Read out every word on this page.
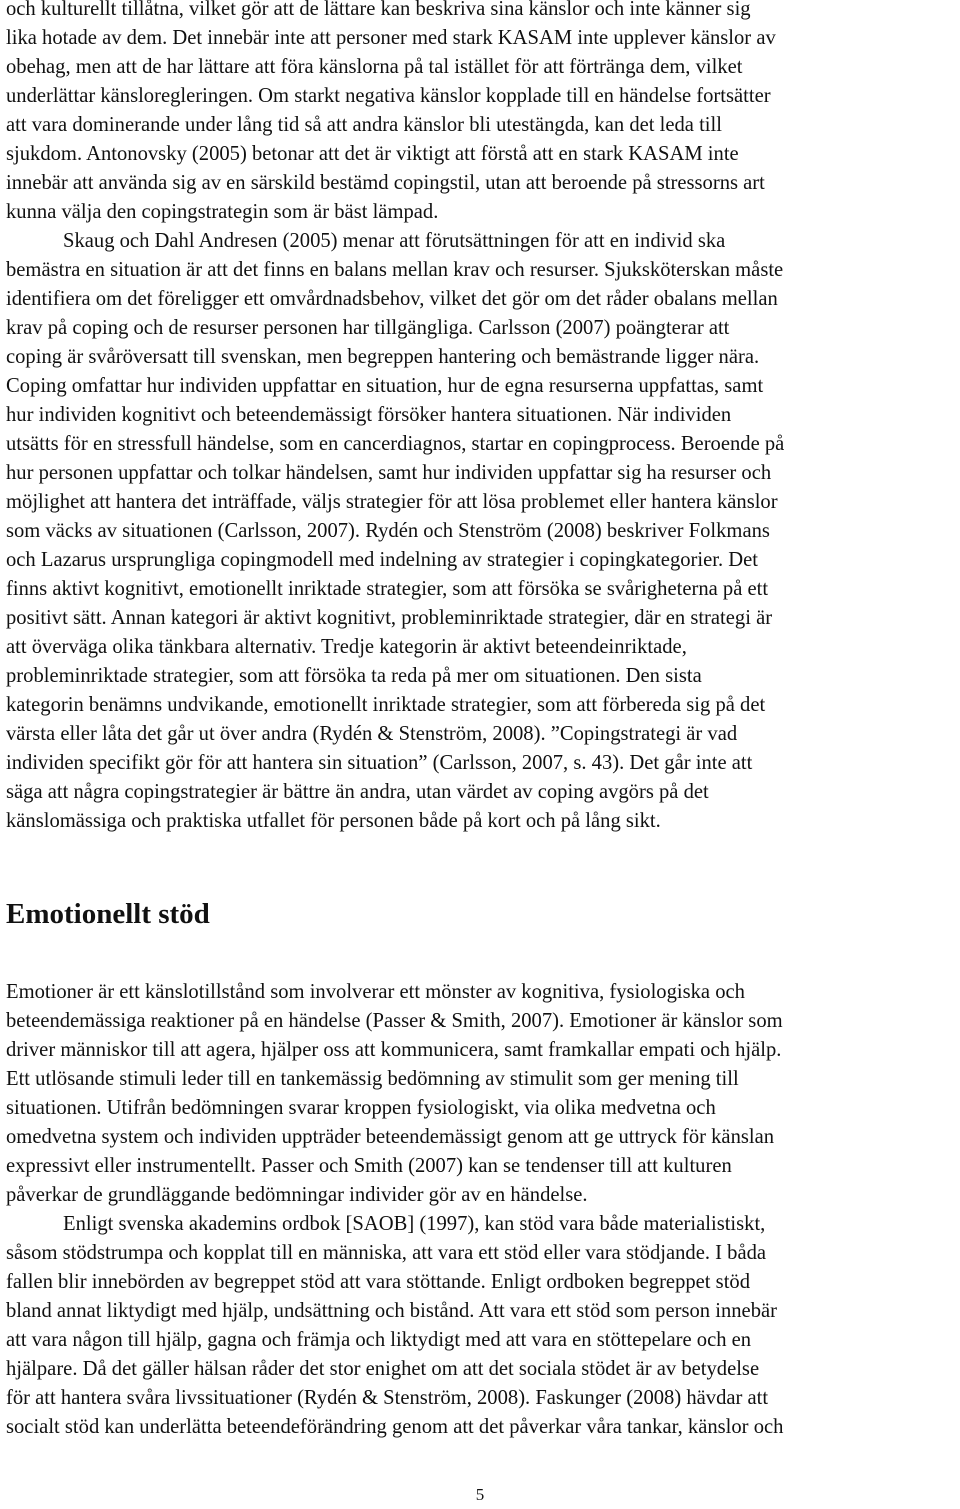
och kulturellt tillåtna, vilket gör att de lättare kan beskriva sina känslor och inte känner sig
lika hotade av dem. Det innebär inte att personer med stark KASAM inte upplever känslor av
obehag, men att de har lättare att föra känslorna på tal istället för att förtränga dem, vilket
underlättar känsloregleringen. Om starkt negativa känslor kopplade till en händelse fortsätter
att vara dominerande under lång tid så att andra känslor bli utestängda, kan det leda till
sjukdom. Antonovsky (2005) betonar att det är viktigt att förstå att en stark KASAM inte
innebär att använda sig av en särskild bestämd copingstil, utan att beroende på stressorns art
kunna välja den copingstrategin som är bäst lämpad.
Skaug och Dahl Andresen (2005) menar att förutsättningen för att en individ ska
bemästra en situation är att det finns en balans mellan krav och resurser. Sjuksköterskan måste
identifiera om det föreligger ett omvårdnadsbehov, vilket det gör om det råder obalans mellan
krav på coping och de resurser personen har tillgängliga. Carlsson (2007) poängterar att
coping är svåröversatt till svenskan, men begreppen hantering och bemästrande ligger nära.
Coping omfattar hur individen uppfattar en situation, hur de egna resurserna uppfattas, samt
hur individen kognitivt och beteendemässigt försöker hantera situationen. När individen
utsätts för en stressfull händelse, som en cancerdiagnos, startar en copingprocess. Beroende på
hur personen uppfattar och tolkar händelsen, samt hur individen uppfattar sig ha resurser och
möjlighet att hantera det inträffade, väljs strategier för att lösa problemet eller hantera känslor
som väcks av situationen (Carlsson, 2007). Rydén och Stenström (2008) beskriver Folkmans
och Lazarus ursprungliga copingmodell med indelning av strategier i copingkategorier. Det
finns aktivt kognitivt, emotionellt inriktade strategier, som att försöka se svårigheterna på ett
positivt sätt. Annan kategori är aktivt kognitivt, probleminriktade strategier, där en strategi är
att överväga olika tänkbara alternativ. Tredje kategorin är aktivt beteendeinriktade,
probleminriktade strategier, som att försöka ta reda på mer om situationen. Den sista
kategorin benämns undvikande, emotionellt inriktade strategier, som att förbereda sig på det
värsta eller låta det går ut över andra (Rydén & Stenström, 2008). ”Copingstrategi är vad
individen specifikt gör för att hantera sin situation” (Carlsson, 2007, s. 43). Det går inte att
säga att några copingstrategier är bättre än andra, utan värdet av coping avgörs på det
känslomässiga och praktiska utfallet för personen både på kort och på lång sikt.
Emotionellt stöd
Emotioner är ett känslotillstånd som involverar ett mönster av kognitiva, fysiologiska och
beteendemässiga reaktioner på en händelse (Passer & Smith, 2007). Emotioner är känslor som
driver människor till att agera, hjälper oss att kommunicera, samt framkallar empati och hjälp.
Ett utlösande stimuli leder till en tankemässig bedömning av stimulit som ger mening till
situationen. Utifrån bedömningen svarar kroppen fysiologiskt, via olika medvetna och
omedvetna system och individen uppträder beteendemässigt genom att ge uttryck för känslan
expressivt eller instrumentellt. Passer och Smith (2007) kan se tendenser till att kulturen
påverkar de grundläggande bedömningar individer gör av en händelse.
Enligt svenska akademins ordbok [SAOB] (1997), kan stöd vara både materialistiskt,
såsom stödstrumpa och kopplat till en människa, att vara ett stöd eller vara stödjande. I båda
fallen blir innebörden av begreppet stöd att vara stöttande. Enligt ordboken begreppet stöd
bland annat liktydigt med hjälp, undsättning och bistånd. Att vara ett stöd som person innebär
att vara någon till hjälp, gagna och främja och liktydigt med att vara en stöttepelare och en
hjälpare. Då det gäller hälsan råder det stor enighet om att det sociala stödet är av betydelse
för att hantera svåra livssituationer (Rydén & Stenström, 2008). Faskunger (2008) hävdar att
socialt stöd kan underlätta beteendeförändring genom att det påverkar våra tankar, känslor och

5
